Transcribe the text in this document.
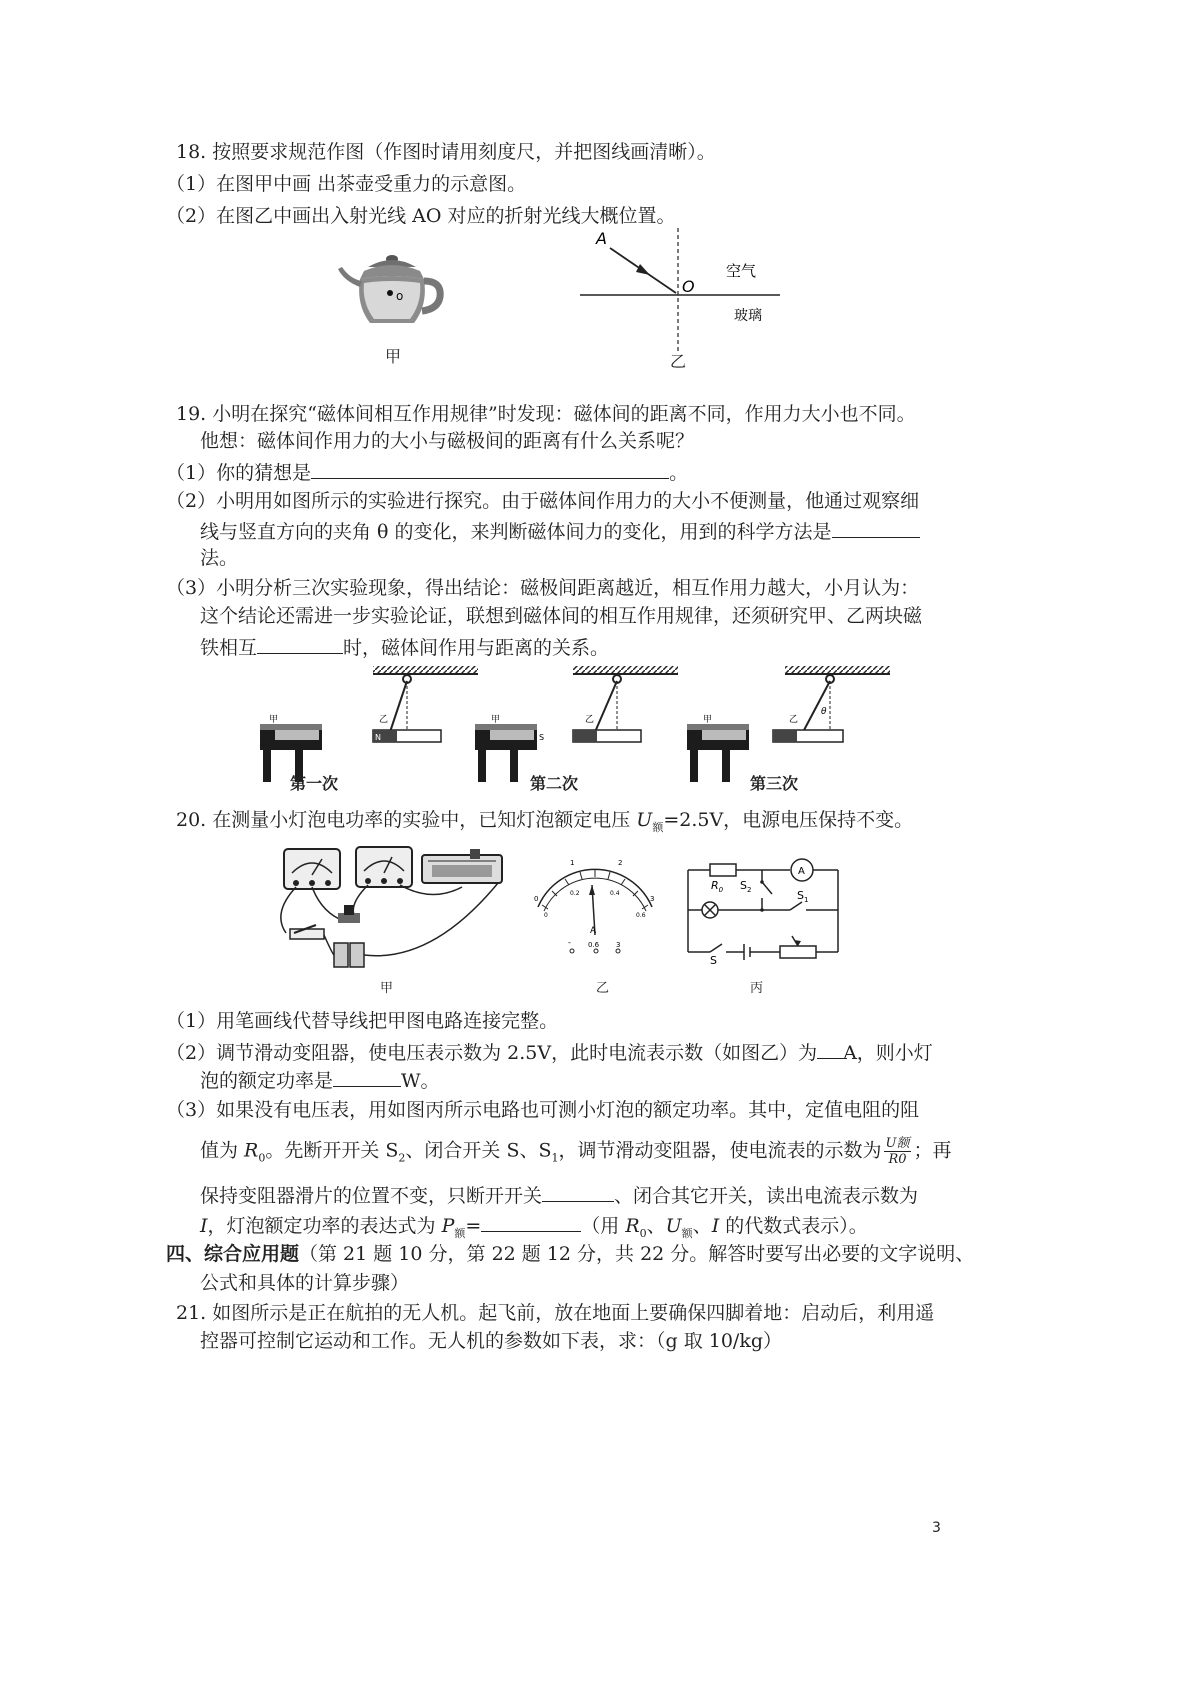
18. 按照要求规范作图（作图时请用刻度尺，并把图线画清晰）。
（1）在图甲中画 出茶壶受重力的示意图。
（2）在图乙中画出入射光线 AO 对应的折射光线大概位置。
o
甲
A
O
空气
玻璃
乙
19. 小明在探究“磁体间相互作用规律”时发现：磁体间的距离不同，作用力大小也不同。
他想：磁体间作用力的大小与磁极间的距离有什么关系呢？
（1）你的猜想是	。
（2）小明用如图所示的实验进行探究。由于磁体间作用力的大小不便测量，他通过观察细
线与竖直方向的夹角 θ 的变化，来判断磁体间力的变化，用到的科学方法是
法。
（3）小明分析三次实验现象，得出结论：磁极间距离越近，相互作用力越大，小月认为：
这个结论还需进一步实验论证，联想到磁体间的相互作用规律，还须研究甲、乙两块磁
铁相互	时，磁体间作用与距离的关系。
甲
N
乙	甲
S
乙
θ
甲	乙
第一次	第二次	第三次
20. 在测量小灯泡电功率的实验中，已知灯泡额定电压 $U_额=2.5V$，电源电压保持不变。
甲
0
1	2
3
0
0.2	0.4
0.6
A
- 0.6 3
乙
$R_0$ $S_2$	$S_1$
S
A
丙
（1）用笔画线代替导线把甲图电路连接完整。
（2）调节滑动变阻器，使电压表示数为 2.5V，此时电流表示数（如图乙）为 A，则小灯
泡的额定功率是	W。
（3）如果没有电压表，用如图丙所示电路也可测小灯泡的额定功率。其中，定值电阻的阻
值为 $R_0$。先断开开关 $S_2$、闭合开关 S、$S_1$，调节滑动变阻器，使电流表的示数为 $\frac{\text{U额}}{R0}$ ；再
保持变阻器滑片的位置不变，只断开开关	、闭合其它开关，读出电流表示数为
I，灯泡额定功率的表达式为 $P_额=$	（用 $R_0$、$U_额$、I 的代数式表示）。
四、综合应用题（第 21 题 10 分，第 22 题 12 分，共 22 分。解答时要写出必要的文字说明、
公式和具体的计算步骤）
21. 如图所示是正在航拍的无人机。起飞前，放在地面上要确保四脚着地：启动后，利用遥
控器可控制它运动和工作。无人机的参数如下表，求：（g 取 10/kg）
3
